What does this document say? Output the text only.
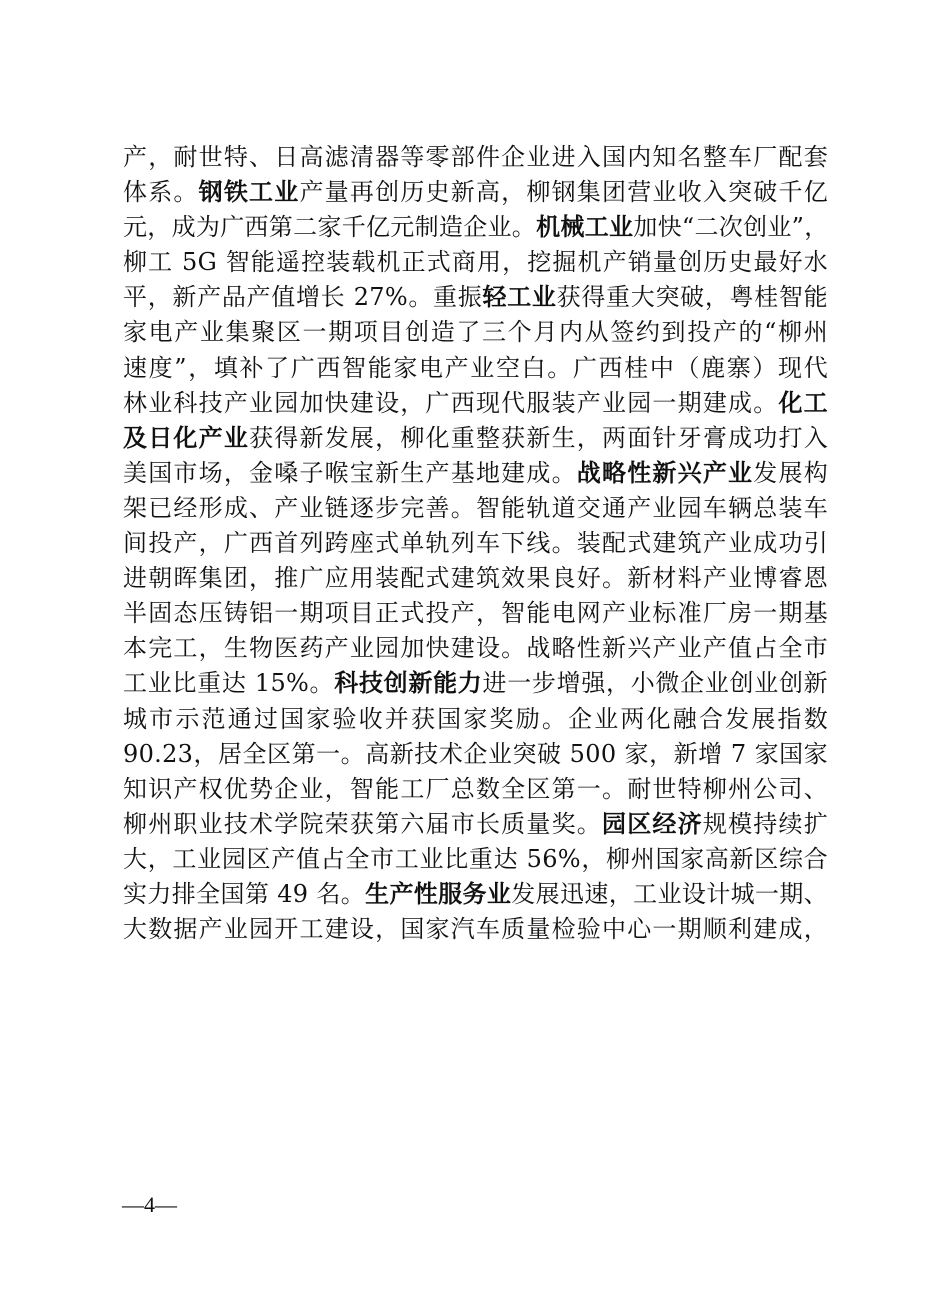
产，耐世特、日高滤清器等零部件企业进入国内知名整车厂配套
体系。钢铁工业产量再创历史新高，柳钢集团营业收入突破千亿
元，成为广西第二家千亿元制造企业。机械工业加快“二次创业”，
柳工 5G 智能遥控装载机正式商用，挖掘机产销量创历史最好水
平，新产品产值增长 27%。重振轻工业获得重大突破，粤桂智能
家电产业集聚区一期项目创造了三个月内从签约到投产的“柳州
速度”，填补了广西智能家电产业空白。广西桂中（鹿寨）现代
林业科技产业园加快建设，广西现代服装产业园一期建成。化工
及日化产业获得新发展，柳化重整获新生，两面针牙膏成功打入
美国市场，金嗓子喉宝新生产基地建成。战略性新兴产业发展构
架已经形成、产业链逐步完善。智能轨道交通产业园车辆总装车
间投产，广西首列跨座式单轨列车下线。装配式建筑产业成功引
进朝晖集团，推广应用装配式建筑效果良好。新材料产业博睿恩
半固态压铸铝一期项目正式投产，智能电网产业标准厂房一期基
本完工，生物医药产业园加快建设。战略性新兴产业产值占全市
工业比重达 15%。科技创新能力进一步增强，小微企业创业创新
城市示范通过国家验收并获国家奖励。企业两化融合发展指数
90.23，居全区第一。高新技术企业突破 500 家，新增 7 家国家
知识产权优势企业，智能工厂总数全区第一。耐世特柳州公司、
柳州职业技术学院荣获第六届市长质量奖。园区经济规模持续扩
大，工业园区产值占全市工业比重达 56%，柳州国家高新区综合
实力排全国第 49 名。生产性服务业发展迅速，工业设计城一期、
大数据产业园开工建设，国家汽车质量检验中心一期顺利建成，
—4—
